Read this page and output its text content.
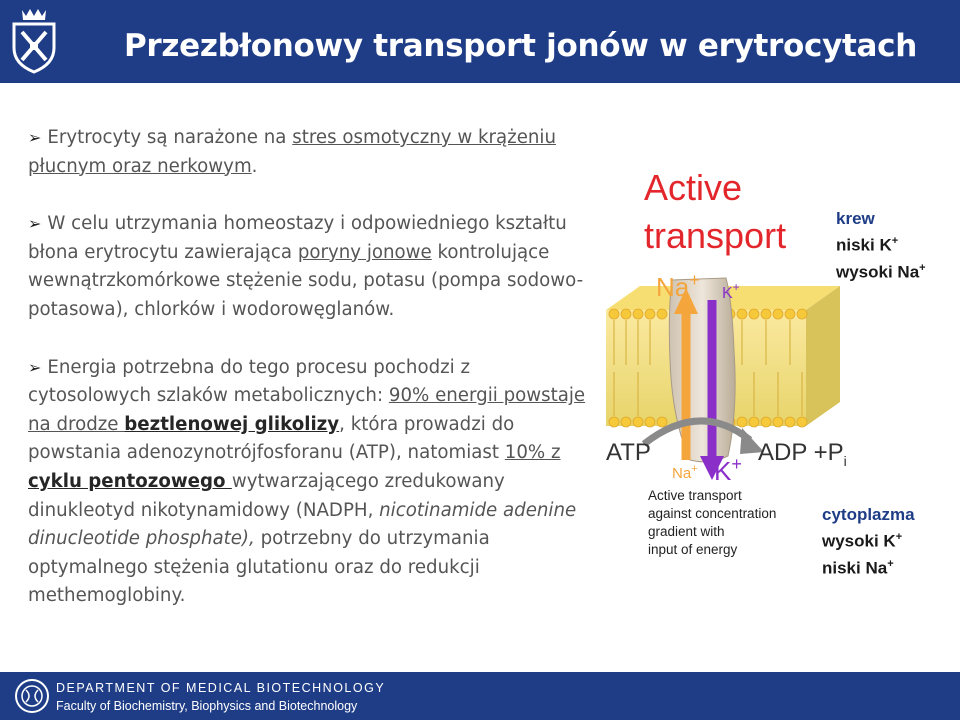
Przezbłonowy transport jonów w erytrocytach
➢ Erytrocyty są narażone na stres osmotyczny w krążeniu płucnym oraz nerkowym.
➢ W celu utrzymania homeostazy i odpowiedniego kształtu błona erytrocytu zawierająca poryny jonowe kontrolujące wewnątrzkomórkowe stężenie sodu, potasu (pompa sodowo-potasowa), chlorków i wodorowęglanów.
➢ Energia potrzebna do tego procesu pochodzi z cytosolowych szlaków metabolicznych: 90% energii powstaje na drodze beztlenowej glikolizy, która prowadzi do powstania adenozynotrójfosforanu (ATP), natomiast 10% z cyklu pentozowego wytwarzającego zredukowany dinukleotyd nikotynamidowy (NADPH, nicotinamide adenine dinucleotide phosphate), potrzebny do utrzymania optymalnego stężenia glutationu oraz do redukcji methemoglobiny.
Active
transport
Na+
K+
ATP	ADP $+P_i$
Na+ K+
Active transport
against concentration
gradient with
input of energy
krew
niski K+
wysoki Na+
cytoplazma
wysoki K+
niski Na+
DEPARTMENT OF MEDICAL BIOTECHNOLOGY
Faculty of Biochemistry, Biophysics and Biotechnology
